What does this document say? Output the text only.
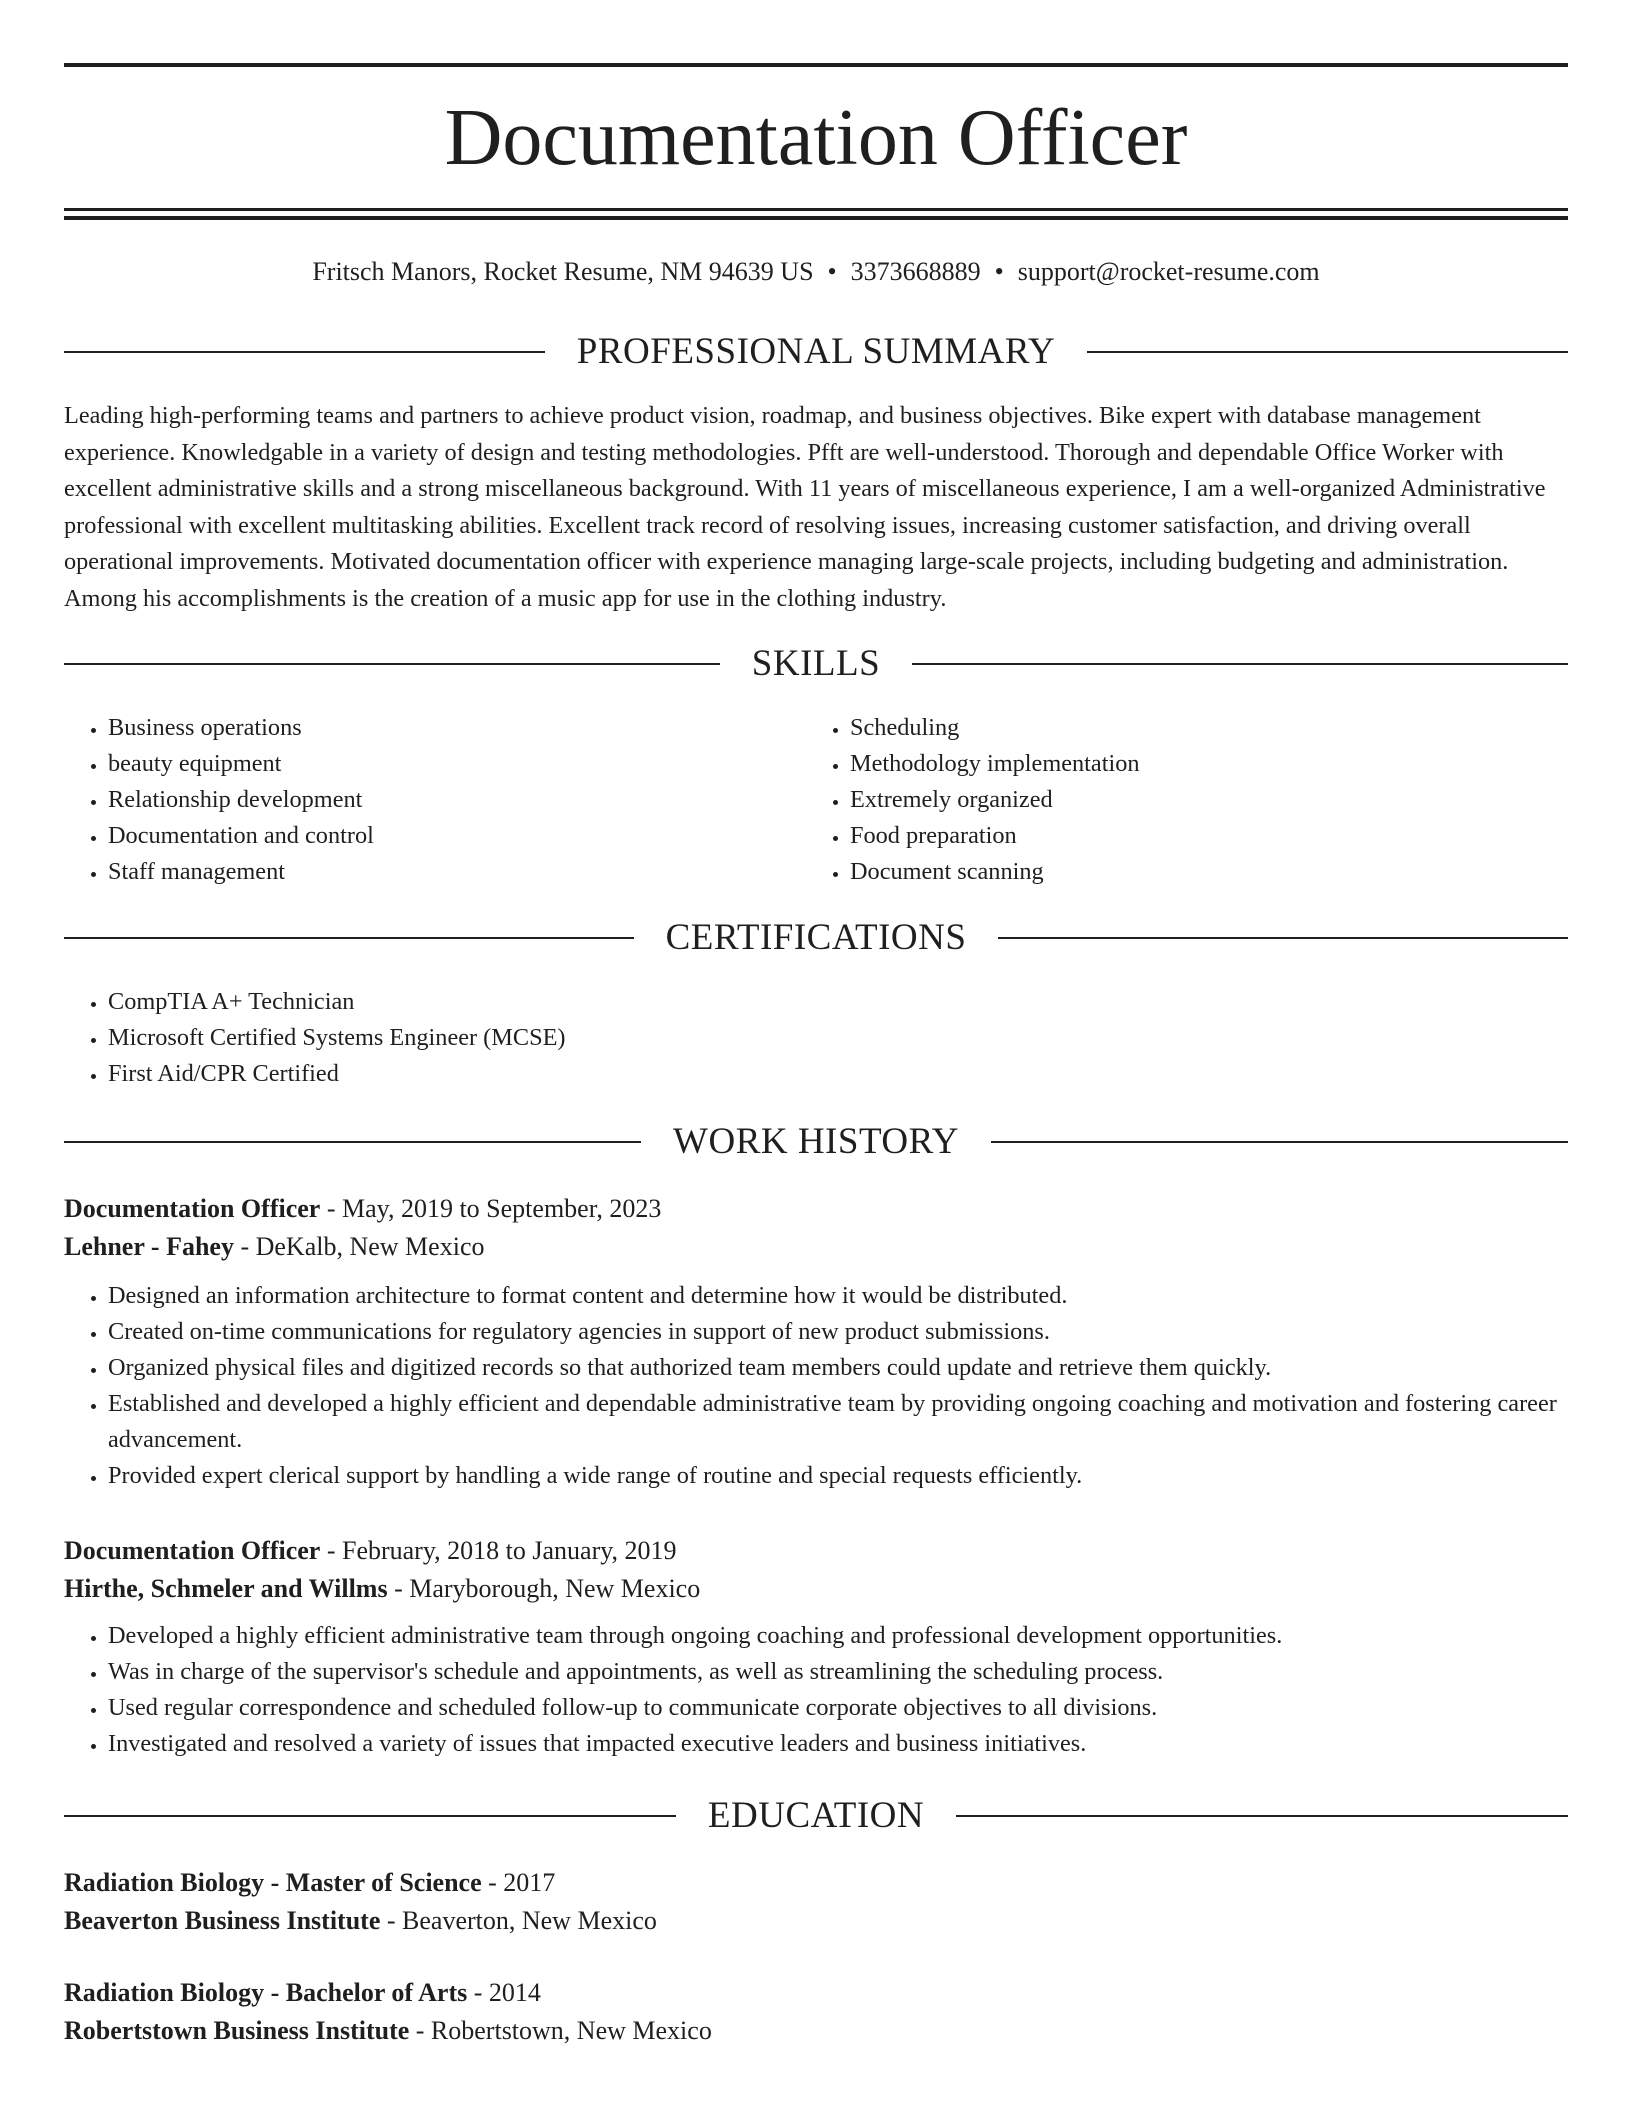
Documentation Officer
Fritsch Manors, Rocket Resume, NM 94639 US • 3373668889 • support@rocket-resume.com
PROFESSIONAL SUMMARY

Leading high-performing teams and partners to achieve product vision, roadmap, and business objectives. Bike expert with database management experience. Knowledgable in a variety of design and testing methodologies. Pfft are well-understood. Thorough and dependable Office Worker with excellent administrative skills and a strong miscellaneous background. With 11 years of miscellaneous experience, I am a well-organized Administrative professional with excellent multitasking abilities. Excellent track record of resolving issues, increasing customer satisfaction, and driving overall operational improvements. Motivated documentation officer with experience managing large-scale projects, including budgeting and administration. Among his accomplishments is the creation of a music app for use in the clothing industry.

SKILLS
• Business operations
• beauty equipment
• Relationship development
• Documentation and control
• Staff management
• Scheduling
• Methodology implementation
• Extremely organized
• Food preparation
• Document scanning
CERTIFICATIONS
• CompTIA A+ Technician
• Microsoft Certified Systems Engineer (MCSE)
• First Aid/CPR Certified
WORK HISTORY

Documentation Officer - May, 2019 to September, 2023

Lehner - Fahey - DeKalb, New Mexico

• Designed an information architecture to format content and determine how it would be distributed.
• Created on-time communications for regulatory agencies in support of new product submissions.
• Organized physical files and digitized records so that authorized team members could update and retrieve them quickly.
• Established and developed a highly efficient and dependable administrative team by providing ongoing coaching and motivation and fostering career advancement.
• Provided expert clerical support by handling a wide range of routine and special requests efficiently.

Documentation Officer - February, 2018 to January, 2019

Hirthe, Schmeler and Willms - Maryborough, New Mexico

• Developed a highly efficient administrative team through ongoing coaching and professional development opportunities.
• Was in charge of the supervisor's schedule and appointments, as well as streamlining the scheduling process.
• Used regular correspondence and scheduled follow-up to communicate corporate objectives to all divisions.
• Investigated and resolved a variety of issues that impacted executive leaders and business initiatives.
EDUCATION

Radiation Biology - Master of Science - 2017

Beaverton Business Institute - Beaverton, New Mexico

Radiation Biology - Bachelor of Arts - 2014

Robertstown Business Institute - Robertstown, New Mexico
